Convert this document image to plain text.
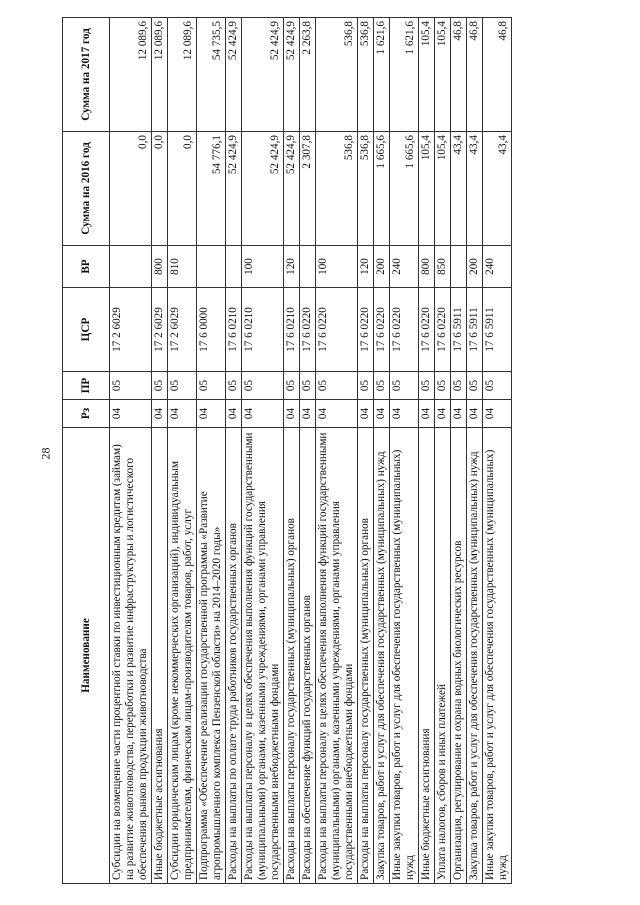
28
Наименование	Рз	ПР	ЦСР	ВР	Сумма на 2016 год	Сумма на 2017 год
Субсидии на возмещение части процентной ставки по инвестиционным кредитам (займам) на развитие животноводства, переработки и развитие инфраструктуры и логистического обеспечения рынков продукции животноводства	04	05	17 2 6029		0,0	12 089,6
Иные бюджетные ассигнования	04	05	17 2 6029	800	0,0	12 089,6
Субсидии юридическим лицам (кроме некоммерческих организаций), индивидуальным предпринимателям, физическим лицам-производителям товаров, работ, услуг	04	05	17 2 6029	810	0,0	12 089,6
Подпрограмма «Обеспечение реализации государственной программы «Развитие агропромышленного комплекса Пензенской области» на 2014–2020 годы»	04	05	17 6 0000		54 776,1	54 735,5
Расходы на выплаты по оплате труда работников государственных органов	04	05	17 6 0210		52 424,9	52 424,9
Расходы на выплаты персоналу в целях обеспечения выполнения функций государственными (муниципальными) органами, казенными учреждениями, органами управления государственными внебюджетными фондами	04	05	17 6 0210	100	52 424,9	52 424,9
Расходы на выплаты персоналу государственных (муниципальных) органов	04	05	17 6 0210	120	52 424,9	52 424,9
Расходы на обеспечение функций государственных органов	04	05	17 6 0220		2 307,8	2 263,8
Расходы на выплаты персоналу в целях обеспечения выполнения функций государственными (муниципальными) органами, казенными учреждениями, органами управления государственными внебюджетными фондами	04	05	17 6 0220	100	536,8	536,8
Расходы на выплаты персоналу государственных (муниципальных) органов	04	05	17 6 0220	120	536,8	536,8
Закупка товаров, работ и услуг для обеспечения государственных (муниципальных) нужд	04	05	17 6 0220	200	1 665,6	1 621,6
Иные закупки товаров, работ и услуг для обеспечения государственных (муниципальных) нужд	04	05	17 6 0220	240	1 665,6	1 621,6
Иные бюджетные ассигнования	04	05	17 6 0220	800	105,4	105,4
Уплата налогов, сборов и иных платежей	04	05	17 6 0220	850	105,4	105,4
Организация, регулирование и охрана водных биологических ресурсов	04	05	17 6 5911		43,4	46,8
Закупка товаров, работ и услуг для обеспечения государственных (муниципальных) нужд	04	05	17 6 5911	200	43,4	46,8
Иные закупки товаров, работ и услуг для обеспечения государственных (муниципальных) нужд	04	05	17 6 5911	240	43,4	46,8
